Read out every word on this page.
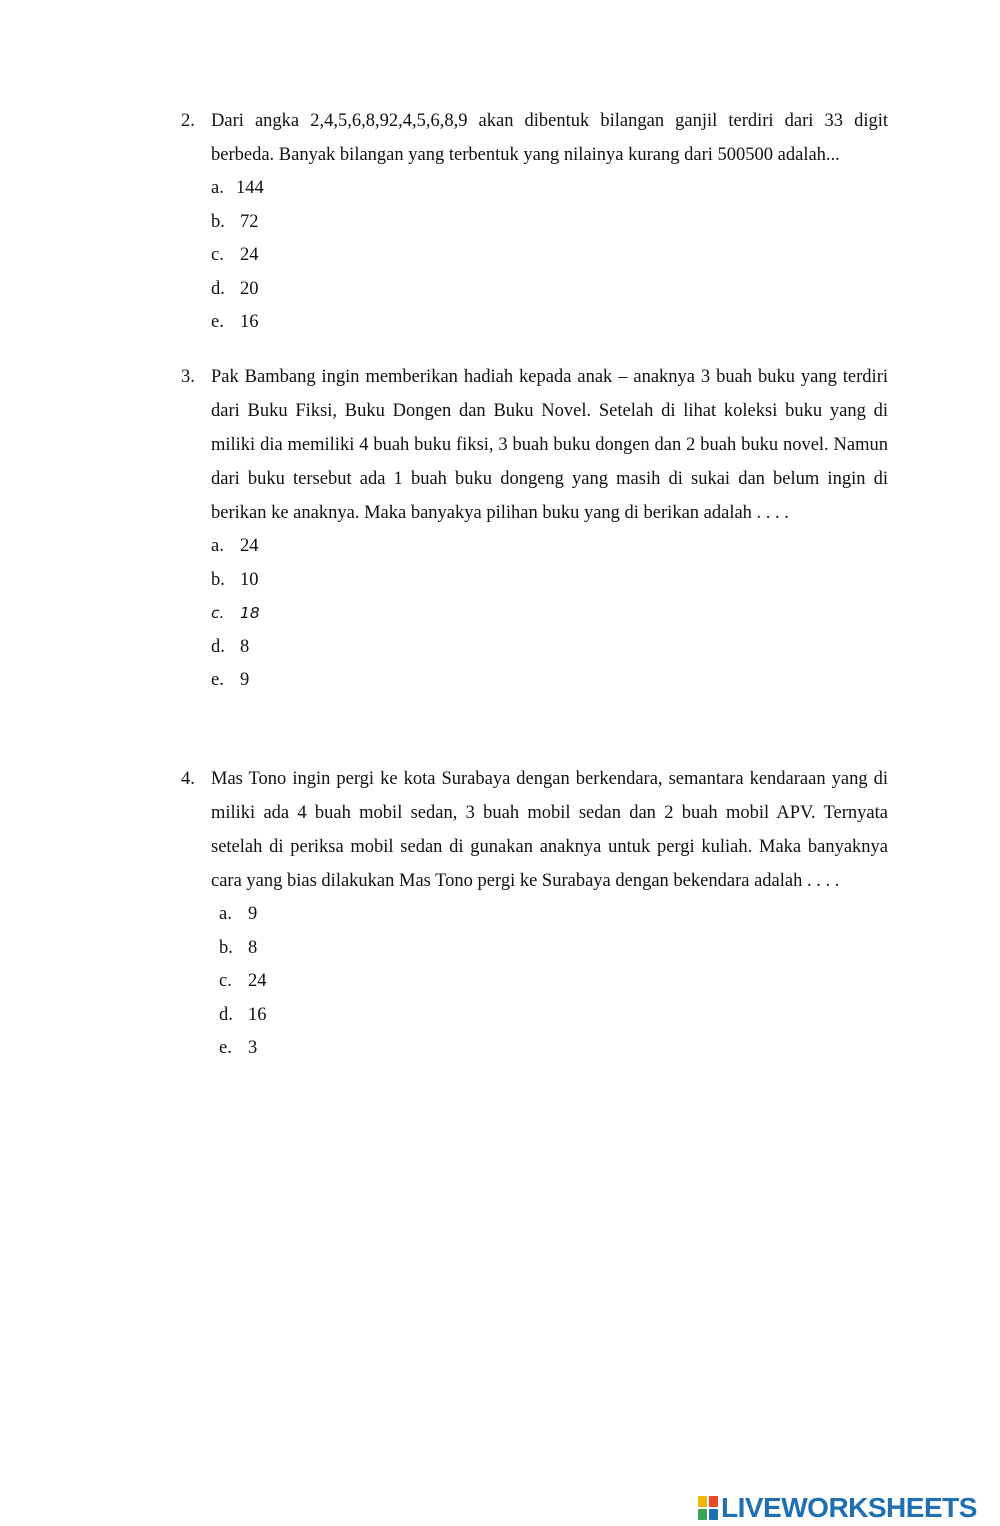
2. Dari angka 2,4,5,6,8,92,4,5,6,8,9 akan dibentuk bilangan ganjil terdiri dari 33 digit berbeda. Banyak bilangan yang terbentuk yang nilainya kurang dari 500500 adalah...
a. 144
b. 72
c. 24
d. 20
e. 16
3. Pak Bambang ingin memberikan hadiah kepada anak – anaknya 3 buah buku yang terdiri dari Buku Fiksi, Buku Dongen dan Buku Novel. Setelah di lihat koleksi buku yang di miliki dia memiliki 4 buah buku fiksi, 3 buah buku dongen dan 2 buah buku novel. Namun dari buku tersebut ada 1 buah buku dongeng yang masih di sukai dan belum ingin di berikan ke anaknya. Maka banyakya pilihan buku yang di berikan adalah . . . .
a. 24
b. 10
c. 18
d. 8
e. 9
4. Mas Tono ingin pergi ke kota Surabaya dengan berkendara, semantara kendaraan yang di miliki ada 4 buah mobil sedan, 3 buah mobil sedan dan 2 buah mobil APV. Ternyata setelah di periksa mobil sedan di gunakan anaknya untuk pergi kuliah. Maka banyaknya cara yang bias dilakukan Mas Tono pergi ke Surabaya dengan bekendara adalah . . . .
a. 9
b. 8
c. 24
d. 16
e. 3
LIVEWORKSHEETS
